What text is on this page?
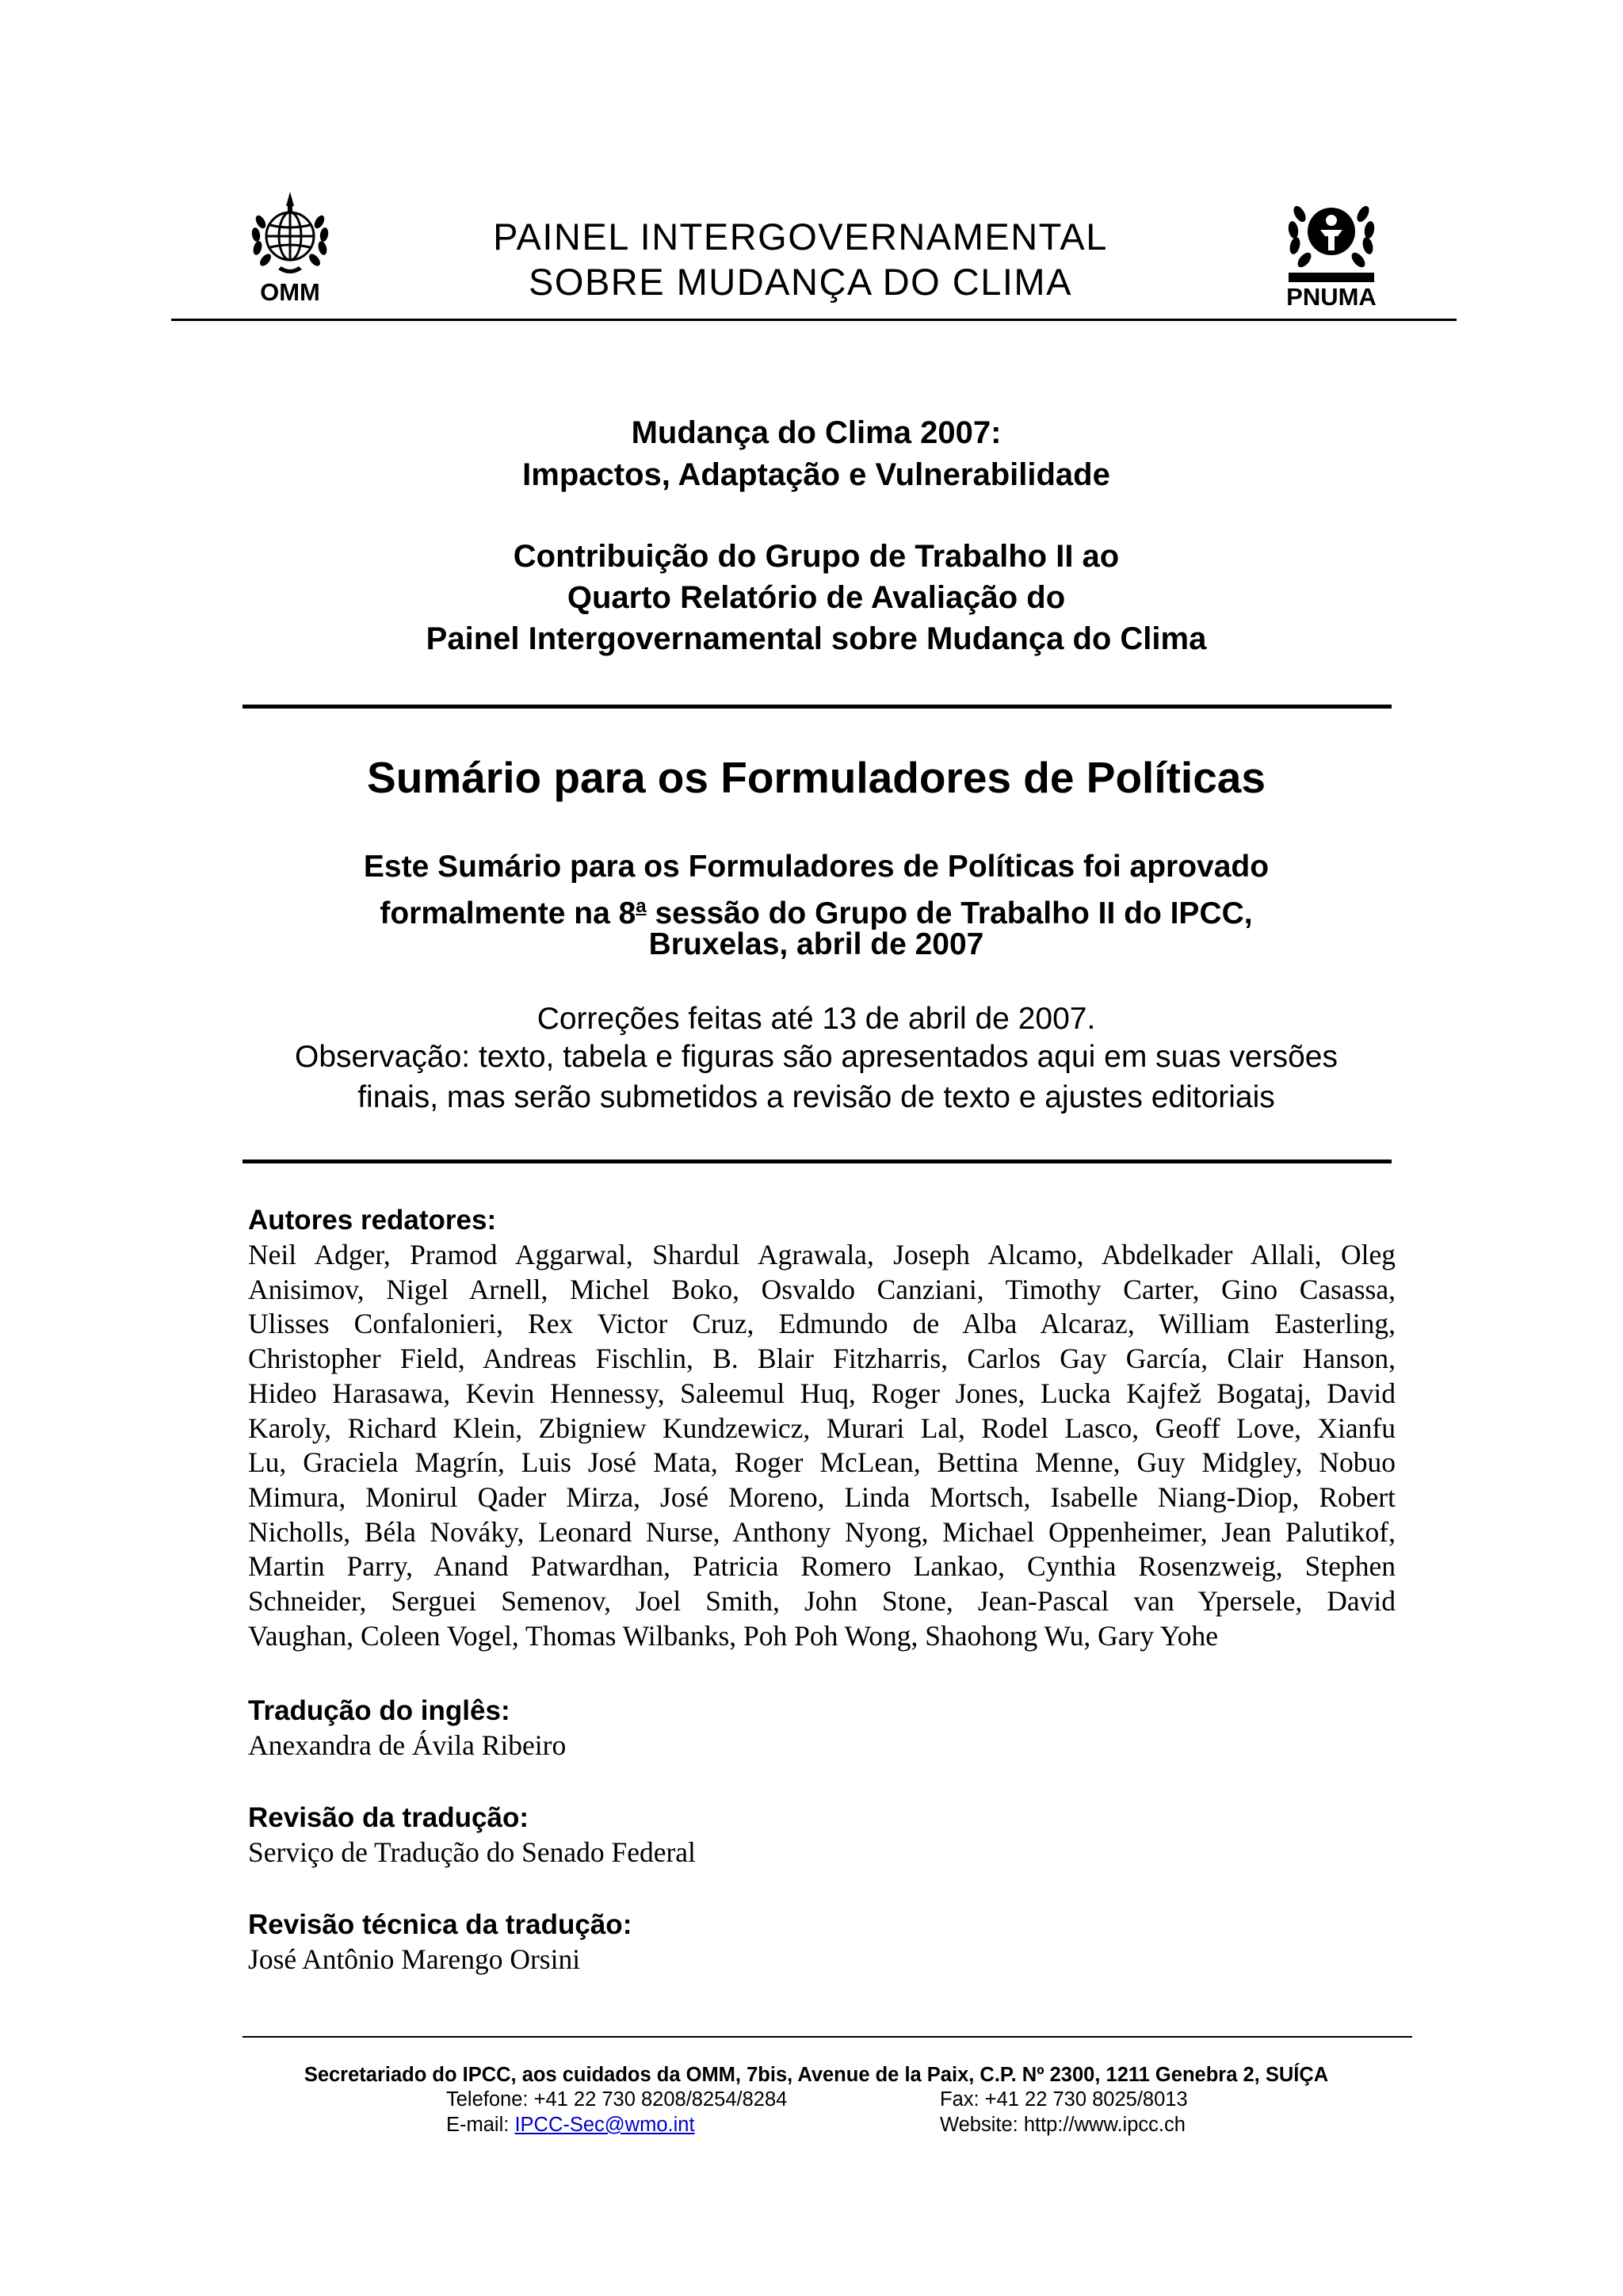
OMM
PAINEL INTERGOVERNAMENTAL
SOBRE MUDANÇA DO CLIMA	PNUMA
Mudança do Clima 2007:
Impactos, Adaptação e Vulnerabilidade
Contribuição do Grupo de Trabalho II ao
Quarto Relatório de Avaliação do
Painel Intergovernamental sobre Mudança do Clima
Sumário para os Formuladores de Políticas
Este Sumário para os Formuladores de Políticas foi aprovado
formalmente na 8$^a$ sessão do Grupo de Trabalho II do IPCC,
Bruxelas, abril de 2007
Correções feitas até 13 de abril de 2007.
Observação: texto, tabela e figuras são apresentados aqui em suas versões
finais, mas serão submetidos a revisão de texto e ajustes editoriais
Autores redatores:
Neil Adger, Pramod Aggarwal, Shardul Agrawala, Joseph Alcamo, Abdelkader Allali, Oleg
Anisimov, Nigel Arnell, Michel Boko, Osvaldo Canziani, Timothy Carter, Gino Casassa,
Ulisses Confalonieri, Rex Victor Cruz, Edmundo de Alba Alcaraz, William Easterling,
Christopher Field, Andreas Fischlin, B. Blair Fitzharris, Carlos Gay García, Clair Hanson,
Hideo Harasawa, Kevin Hennessy, Saleemul Huq, Roger Jones, Lucka Kajfež Bogataj, David
Karoly, Richard Klein, Zbigniew Kundzewicz, Murari Lal, Rodel Lasco, Geoff Love, Xianfu
Lu, Graciela Magrín, Luis José Mata, Roger McLean, Bettina Menne, Guy Midgley, Nobuo
Mimura, Monirul Qader Mirza, José Moreno, Linda Mortsch, Isabelle Niang-Diop, Robert
Nicholls, Béla Nováky, Leonard Nurse, Anthony Nyong, Michael Oppenheimer, Jean Palutikof,
Martin Parry, Anand Patwardhan, Patricia Romero Lankao, Cynthia Rosenzweig, Stephen
Schneider, Serguei Semenov, Joel Smith, John Stone, Jean-Pascal van Ypersele, David
Vaughan, Coleen Vogel, Thomas Wilbanks, Poh Poh Wong, Shaohong Wu, Gary Yohe
Tradução do inglês:
Anexandra de Ávila Ribeiro
Revisão da tradução:
Serviço de Tradução do Senado Federal
Revisão técnica da tradução:
José Antônio Marengo Orsini
Secretariado do IPCC, aos cuidados da OMM, 7bis, Avenue de la Paix, C.P. Nº 2300, 1211 Genebra 2, SUÍÇA
Telefone: +41 22 730 8208/8254/8284	Fax: +41 22 730 8025/8013
E-mail: IPCC-Sec@wmo.int	Website: http://www.ipcc.ch
